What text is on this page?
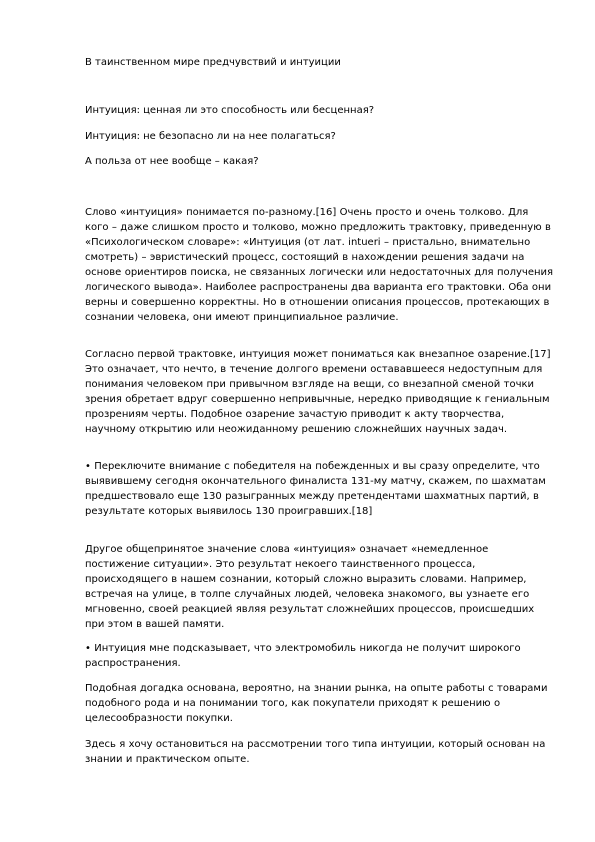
В таинственном мире предчувствий и интуиции
Интуиция: ценная ли это способность или бесценная?
Интуиция: не безопасно ли на нее полагаться?
А польза от нее вообще – какая?
Слово «интуиция» понимается по-разному.[16] Очень просто и очень толково. Для кого – даже слишком просто и толково, можно предложить трактовку, приведенную в «Психологическом словаре»: «Интуиция (от лат. intueri – пристально, внимательно смотреть) – эвристический процесс, состоящий в нахождении решения задачи на основе ориентиров поиска, не связанных логически или недостаточных для получения логического вывода». Наиболее распространены два варианта его трактовки. Оба они верны и совершенно корректны. Но в отношении описания процессов, протекающих в сознании человека, они имеют принципиальное различие.
Согласно первой трактовке, интуиция может пониматься как внезапное озарение.[17] Это означает, что нечто, в течение долгого времени остававшееся недоступным для понимания человеком при привычном взгляде на вещи, со внезапной сменой точки зрения обретает вдруг совершенно непривычные, нередко приводящие к гениальным прозрениям черты. Подобное озарение зачастую приводит к акту творчества, научному открытию или неожиданному решению сложнейших научных задач.
• Переключите внимание с победителя на побежденных и вы сразу определите, что выявившему сегодня окончательного финалиста 131-му матчу, скажем, по шахматам предшествовало еще 130 разыгранных между претендентами шахматных партий, в результате которых выявилось 130 проигравших.[18]
Другое общепринятое значение слова «интуиция» означает «немедленное постижение ситуации». Это результат некоего таинственного процесса, происходящего в нашем сознании, который сложно выразить словами. Например, встречая на улице, в толпе случайных людей, человека знакомого, вы узнаете его мгновенно, своей реакцией являя результат сложнейших процессов, происшедших при этом в вашей памяти.
• Интуиция мне подсказывает, что электромобиль никогда не получит широкого распространения.
Подобная догадка основана, вероятно, на знании рынка, на опыте работы с товарами подобного рода и на понимании того, как покупатели приходят к решению о целесообразности покупки.
Здесь я хочу остановиться на рассмотрении того типа интуиции, который основан на знании и практическом опыте.
